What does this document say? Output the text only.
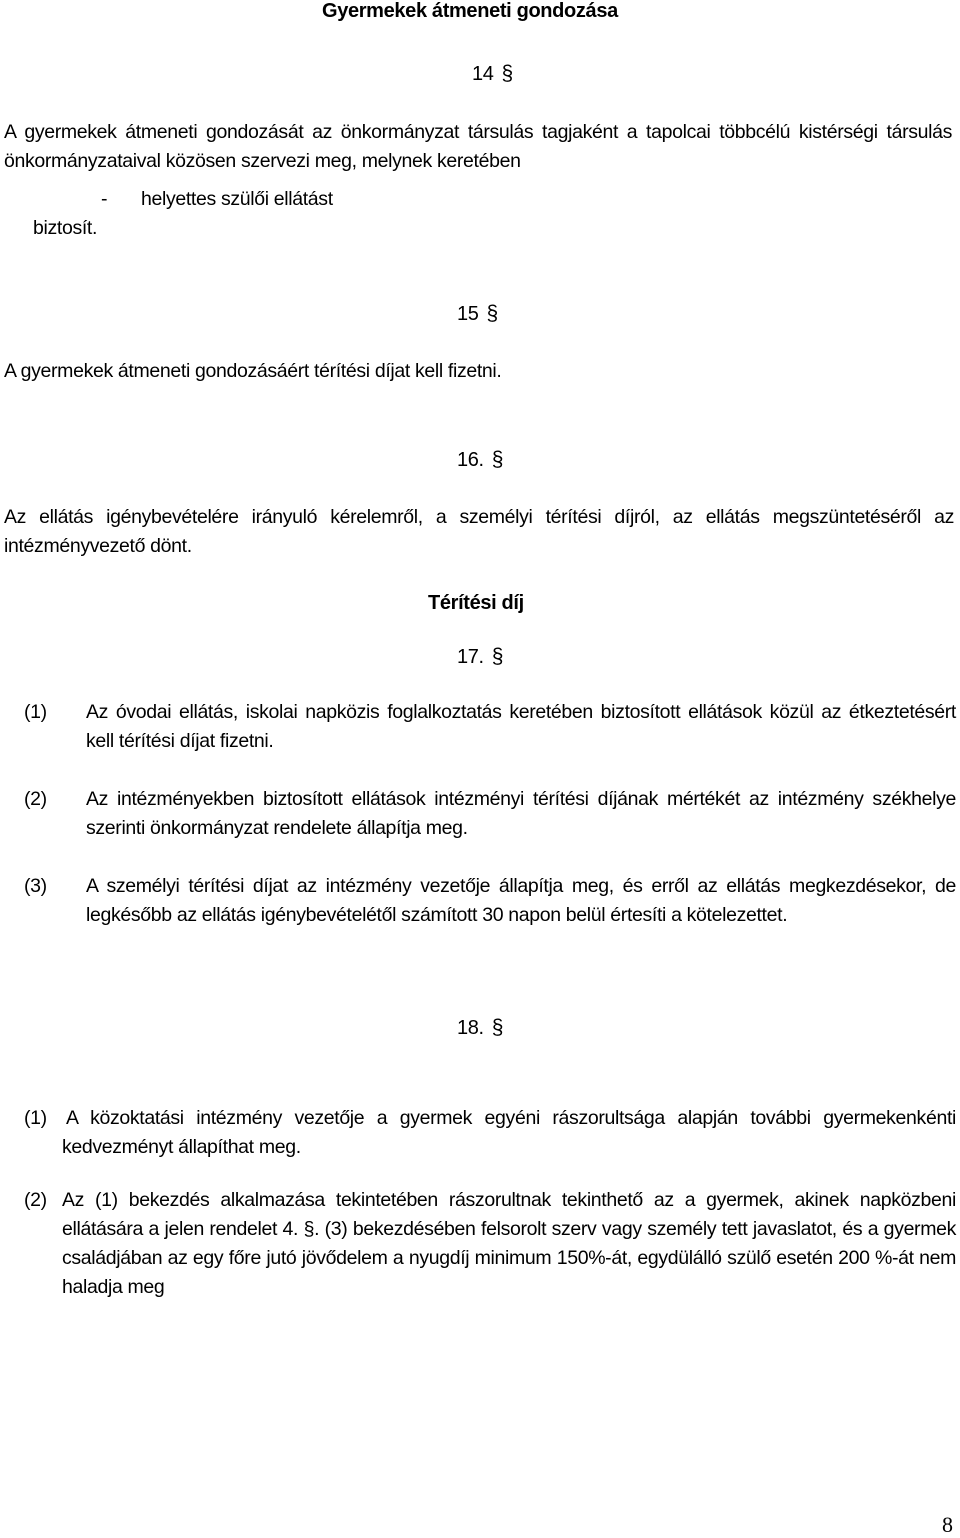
Gyermekek átmeneti gondozása
14 §
A gyermekek átmeneti gondozását az önkormányzat társulás tagjaként a tapolcai többcélú kistérségi társulás önkormányzataival közösen szervezi meg, melynek keretében
- helyettes szülői ellátást
biztosít.
15 §
A gyermekek átmeneti gondozásáért térítési díjat kell fizetni.
16. §
Az ellátás igénybevételére irányuló kérelemről, a személyi térítési díjról, az ellátás megszüntetéséről az intézményvezető dönt.
Térítési díj
17. §
(1) Az óvodai ellátás, iskolai napközis foglalkoztatás keretében biztosított ellátások közül az étkeztetésért kell térítési díjat fizetni.
(2) Az intézményekben biztosított ellátások intézményi térítési díjának mértékét az intézmény székhelye szerinti önkormányzat rendelete állapítja meg.
(3) A személyi térítési díjat az intézmény vezetője állapítja meg, és erről az ellátás megkezdésekor, de legkésőbb az ellátás igénybevételétől számított 30 napon belül értesíti a kötelezettet.
18. §
(1) A közoktatási intézmény vezetője a gyermek egyéni rászorultsága alapján további gyermekenkénti kedvezményt állapíthat meg.
(2) Az (1) bekezdés alkalmazása tekintetében rászorultnak tekinthető az a gyermek, akinek napközbeni ellátására a jelen rendelet 4. §. (3) bekezdésében felsorolt szerv vagy személy tett javaslatot, és a gyermek családjában az egy főre jutó jövődelem a nyugdíj minimum 150%-át, egydülálló szülő esetén 200 %-át nem haladja meg
8
